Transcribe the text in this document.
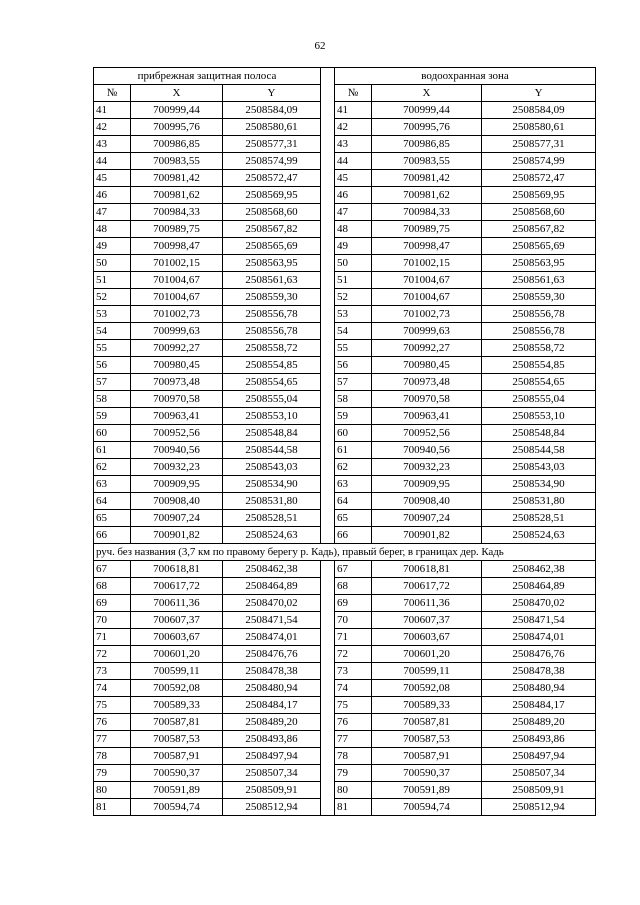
62
прибрежная защитная полоса				водоохранная зона		
№	X	Y		№	X	Y
41	700999,44	2508584,09		41	700999,44	2508584,09
42	700995,76	2508580,61		42	700995,76	2508580,61
43	700986,85	2508577,31		43	700986,85	2508577,31
44	700983,55	2508574,99		44	700983,55	2508574,99
45	700981,42	2508572,47		45	700981,42	2508572,47
46	700981,62	2508569,95		46	700981,62	2508569,95
47	700984,33	2508568,60		47	700984,33	2508568,60
48	700989,75	2508567,82		48	700989,75	2508567,82
49	700998,47	2508565,69		49	700998,47	2508565,69
50	701002,15	2508563,95		50	701002,15	2508563,95
51	701004,67	2508561,63		51	701004,67	2508561,63
52	701004,67	2508559,30		52	701004,67	2508559,30
53	701002,73	2508556,78		53	701002,73	2508556,78
54	700999,63	2508556,78		54	700999,63	2508556,78
55	700992,27	2508558,72		55	700992,27	2508558,72
56	700980,45	2508554,85		56	700980,45	2508554,85
57	700973,48	2508554,65		57	700973,48	2508554,65
58	700970,58	2508555,04		58	700970,58	2508555,04
59	700963,41	2508553,10		59	700963,41	2508553,10
60	700952,56	2508548,84		60	700952,56	2508548,84
61	700940,56	2508544,58		61	700940,56	2508544,58
62	700932,23	2508543,03		62	700932,23	2508543,03
63	700909,95	2508534,90		63	700909,95	2508534,90
64	700908,40	2508531,80		64	700908,40	2508531,80
65	700907,24	2508528,51		65	700907,24	2508528,51
66	700901,82	2508524,63		66	700901,82	2508524,63
руч. без названия (3,7 км по правому берегу р. Кадь), правый берег, в границах дер. Кадь						
67	700618,81	2508462,38		67	700618,81	2508462,38
68	700617,72	2508464,89		68	700617,72	2508464,89
69	700611,36	2508470,02		69	700611,36	2508470,02
70	700607,37	2508471,54		70	700607,37	2508471,54
71	700603,67	2508474,01		71	700603,67	2508474,01
72	700601,20	2508476,76		72	700601,20	2508476,76
73	700599,11	2508478,38		73	700599,11	2508478,38
74	700592,08	2508480,94		74	700592,08	2508480,94
75	700589,33	2508484,17		75	700589,33	2508484,17
76	700587,81	2508489,20		76	700587,81	2508489,20
77	700587,53	2508493,86		77	700587,53	2508493,86
78	700587,91	2508497,94		78	700587,91	2508497,94
79	700590,37	2508507,34		79	700590,37	2508507,34
80	700591,89	2508509,91		80	700591,89	2508509,91
81	700594,74	2508512,94		81	700594,74	2508512,94
